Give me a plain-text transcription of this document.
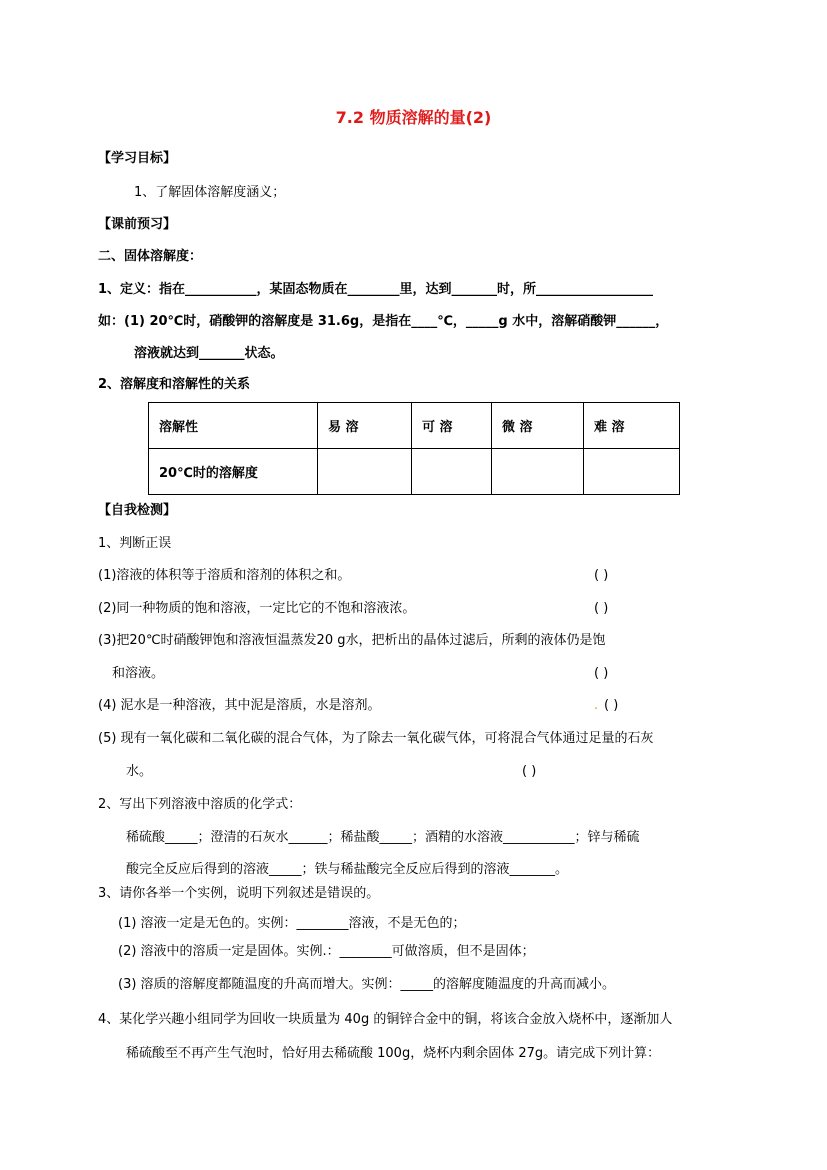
7.2 物质溶解的量(2)
【学习目标】
1、了解固体溶解度涵义；
【课前预习】
二、固体溶解度：
1、定义：指在___________，某固态物质在________里，达到_______时，所__________________
如：(1) 20℃时，硝酸钾的溶解度是 31.6g，是指在____℃，_____g 水中，溶解硝酸钾______，
溶液就达到_______状态。
2、溶解度和溶解性的关系
溶解性	易 溶	可 溶	微 溶	难 溶
20℃时的溶解度				
【自我检测】
1、判断正误
(1)溶液的体积等于溶质和溶剂的体积之和。	( )
(2)同一种物质的饱和溶液，一定比它的不饱和溶液浓。	( )
(3)把20℃时硝酸钾饱和溶液恒温蒸发20 g水，把析出的晶体过滤后，所剩的液体仍是饱
和溶液。	( )
(4) 泥水是一种溶液，其中泥是溶质，水是溶剂。	. ( )
(5) 现有一氧化碳和二氧化碳的混合气体，为了除去一氧化碳气体，可将混合气体通过足量的石灰
水。	( )
2、写出下列溶液中溶质的化学式：
稀硫酸_____；澄清的石灰水______；稀盐酸_____；酒精的水溶液___________；锌与稀硫
酸完全反应后得到的溶液_____；铁与稀盐酸完全反应后得到的溶液_______。
3、请你各举一个实例，说明下列叙述是错误的。
(1) 溶液一定是无色的。实例：________溶液，不是无色的；
(2) 溶液中的溶质一定是固体。实例.：________可做溶质，但不是固体；
(3) 溶质的溶解度都随温度的升高而增大。实例：_____的溶解度随温度的升高而减小。
4、某化学兴趣小组同学为回收一块质量为 40g 的铜锌合金中的铜，将该合金放入烧杯中，逐渐加人
稀硫酸至不再产生气泡时，恰好用去稀硫酸 100g，烧杯内剩余固体 27g。请完成下列计算：
